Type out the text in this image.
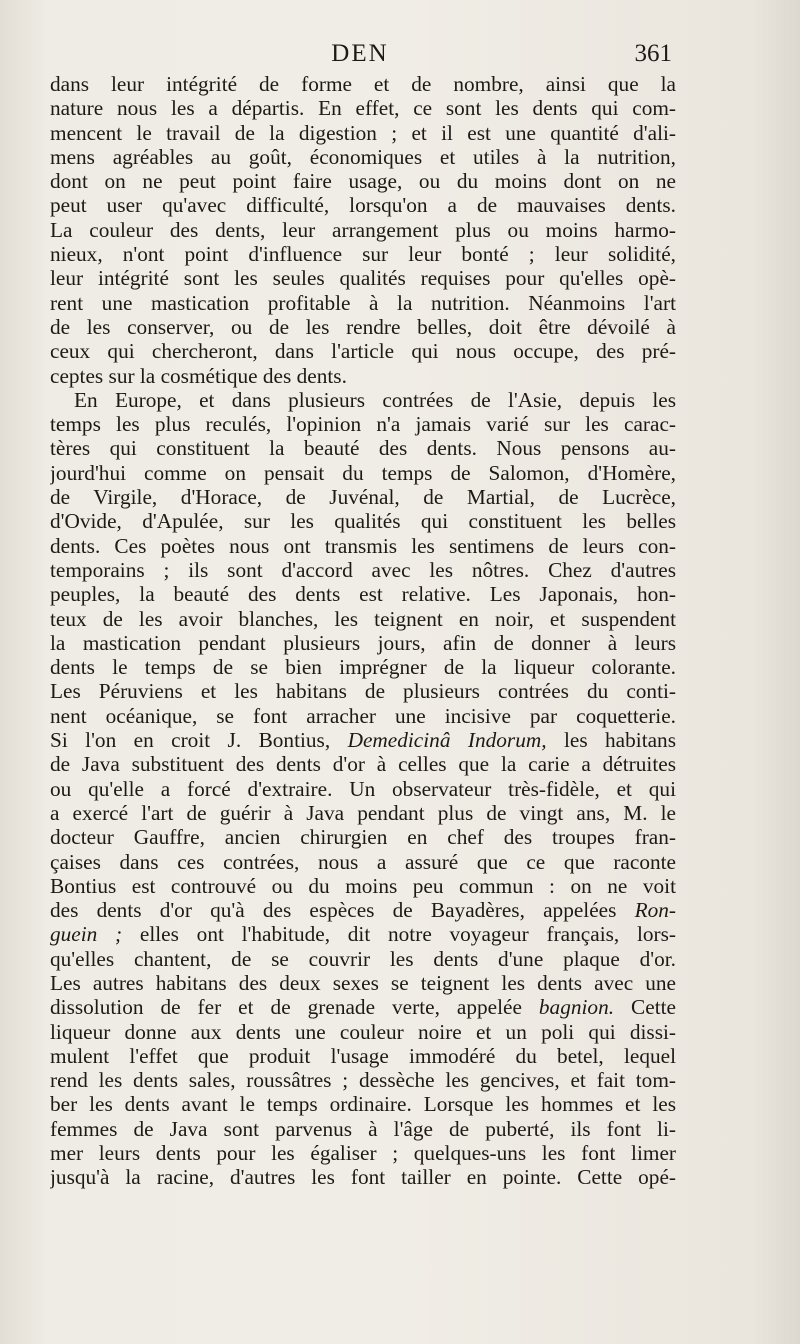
DEN	361
dans leur intégrité de forme et de nombre, ainsi que la
nature nous les a départis. En effet, ce sont les dents qui com-
mencent le travail de la digestion ; et il est une quantité d'ali-
mens agréables au goût, économiques et utiles à la nutrition,
dont on ne peut point faire usage, ou du moins dont on ne
peut user qu'avec difficulté, lorsqu'on a de mauvaises dents.
La couleur des dents, leur arrangement plus ou moins harmo-
nieux, n'ont point d'influence sur leur bonté ; leur solidité,
leur intégrité sont les seules qualités requises pour qu'elles opè-
rent une mastication profitable à la nutrition. Néanmoins l'art
de les conserver, ou de les rendre belles, doit être dévoilé à
ceux qui chercheront, dans l'article qui nous occupe, des pré-
ceptes sur la cosmétique des dents.
En Europe, et dans plusieurs contrées de l'Asie, depuis les
temps les plus reculés, l'opinion n'a jamais varié sur les carac-
tères qui constituent la beauté des dents. Nous pensons au-
jourd'hui comme on pensait du temps de Salomon, d'Homère,
de Virgile, d'Horace, de Juvénal, de Martial, de Lucrèce,
d'Ovide, d'Apulée, sur les qualités qui constituent les belles
dents. Ces poètes nous ont transmis les sentimens de leurs con-
temporains ; ils sont d'accord avec les nôtres. Chez d'autres
peuples, la beauté des dents est relative. Les Japonais, hon-
teux de les avoir blanches, les teignent en noir, et suspendent
la mastication pendant plusieurs jours, afin de donner à leurs
dents le temps de se bien imprégner de la liqueur colorante.
Les Péruviens et les habitans de plusieurs contrées du conti-
nent océanique, se font arracher une incisive par coquetterie.
Si l'on en croit J. Bontius, Demedicinâ Indorum, les habitans
de Java substituent des dents d'or à celles que la carie a détruites
ou qu'elle a forcé d'extraire. Un observateur très-fidèle, et qui
a exercé l'art de guérir à Java pendant plus de vingt ans, M. le
docteur Gauffre, ancien chirurgien en chef des troupes fran-
çaises dans ces contrées, nous a assuré que ce que raconte
Bontius est controuvé ou du moins peu commun : on ne voit
des dents d'or qu'à des espèces de Bayadères, appelées Ron-
guein ; elles ont l'habitude, dit notre voyageur français, lors-
qu'elles chantent, de se couvrir les dents d'une plaque d'or.
Les autres habitans des deux sexes se teignent les dents avec une
dissolution de fer et de grenade verte, appelée bagnion. Cette
liqueur donne aux dents une couleur noire et un poli qui dissi-
mulent l'effet que produit l'usage immodéré du betel, lequel
rend les dents sales, roussâtres ; dessèche les gencives, et fait tom-
ber les dents avant le temps ordinaire. Lorsque les hommes et les
femmes de Java sont parvenus à l'âge de puberté, ils font li-
mer leurs dents pour les égaliser ; quelques-uns les font limer
jusqu'à la racine, d'autres les font tailler en pointe. Cette opé-
